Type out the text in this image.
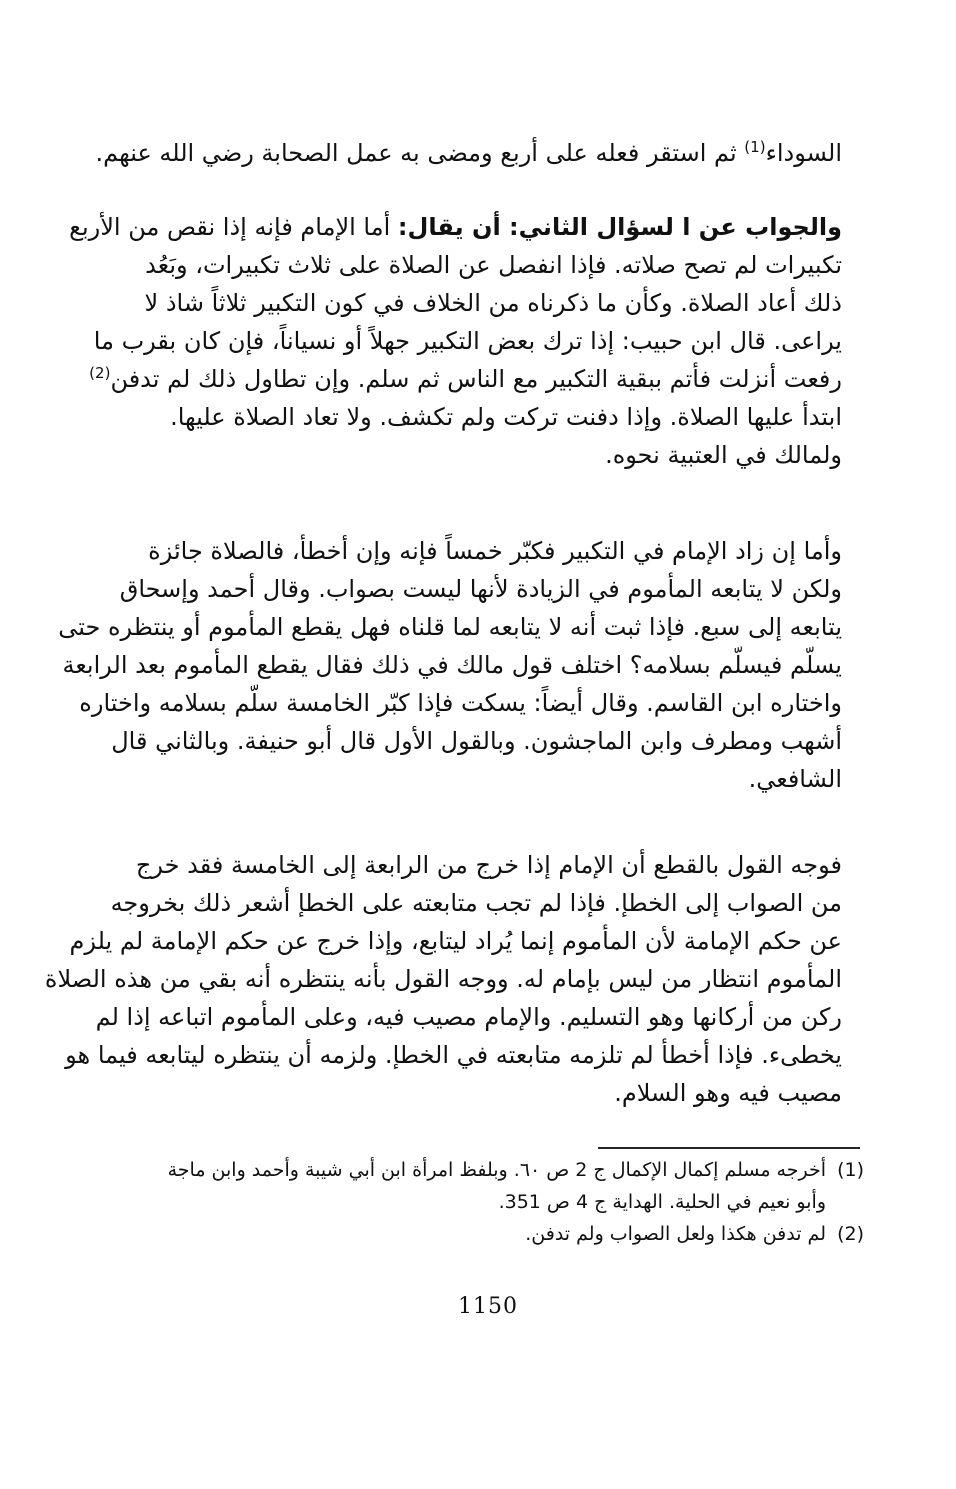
السوداء$^{(1)}$ ثم استقر فعله على أربع ومضى به عمل الصحابة رضي الله عنهم.
والجواب عن ا لسؤال الثاني: أن يقال: أما الإمام فإنه إذا نقص من الأربع
تكبيرات لم تصح صلاته. فإذا انفصل عن الصلاة على ثلاث تكبيرات، وبَعُد
ذلك أعاد الصلاة. وكأن ما ذكرناه من الخلاف في كون التكبير ثلاثاً شاذ لا
يراعى. قال ابن حبيب: إذا ترك بعض التكبير جهلاً أو نسياناً، فإن كان بقرب ما
رفعت أنزلت فأتم ببقية التكبير مع الناس ثم سلم. وإن تطاول ذلك لم تدفن$^{(2)}$
ابتدأ عليها الصلاة. وإذا دفنت تركت ولم تكشف. ولا تعاد الصلاة عليها.
ولمالك في العتبية نحوه.
وأما إن زاد الإمام في التكبير فكبّر خمساً فإنه وإن أخطأ، فالصلاة جائزة
ولكن لا يتابعه المأموم في الزيادة لأنها ليست بصواب. وقال أحمد وإسحاق
يتابعه إلى سبع. فإذا ثبت أنه لا يتابعه لما قلناه فهل يقطع المأموم أو ينتظره حتى
يسلّم فيسلّم بسلامه؟ اختلف قول مالك في ذلك فقال يقطع المأموم بعد الرابعة
واختاره ابن القاسم. وقال أيضاً: يسكت فإذا كبّر الخامسة سلّم بسلامه واختاره
أشهب ومطرف وابن الماجشون. وبالقول الأول قال أبو حنيفة. وبالثاني قال
الشافعي.
فوجه القول بالقطع أن الإمام إذا خرج من الرابعة إلى الخامسة فقد خرج
من الصواب إلى الخطإ. فإذا لم تجب متابعته على الخطإ أشعر ذلك بخروجه
عن حكم الإمامة لأن المأموم إنما يُراد ليتابع، وإذا خرج عن حكم الإمامة لم يلزم
المأموم انتظار من ليس بإمام له. ووجه القول بأنه ينتظره أنه بقي من هذه الصلاة
ركن من أركانها وهو التسليم. والإمام مصيب فيه، وعلى المأموم اتباعه إذا لم
يخطىء. فإذا أخطأ لم تلزمه متابعته في الخطإ. ولزمه أن ينتظره ليتابعه فيما هو
مصيب فيه وهو السلام.
(1)أخرجه مسلم إكمال الإكمال ج 2 ص ٦٠. وبلفظ امرأة ابن أبي شيبة وأحمد وابن ماجة
وأبو نعيم في الحلية. الهداية ج 4 ص 351.
(2)لم تدفن هكذا ولعل الصواب ولم تدفن.
1150
